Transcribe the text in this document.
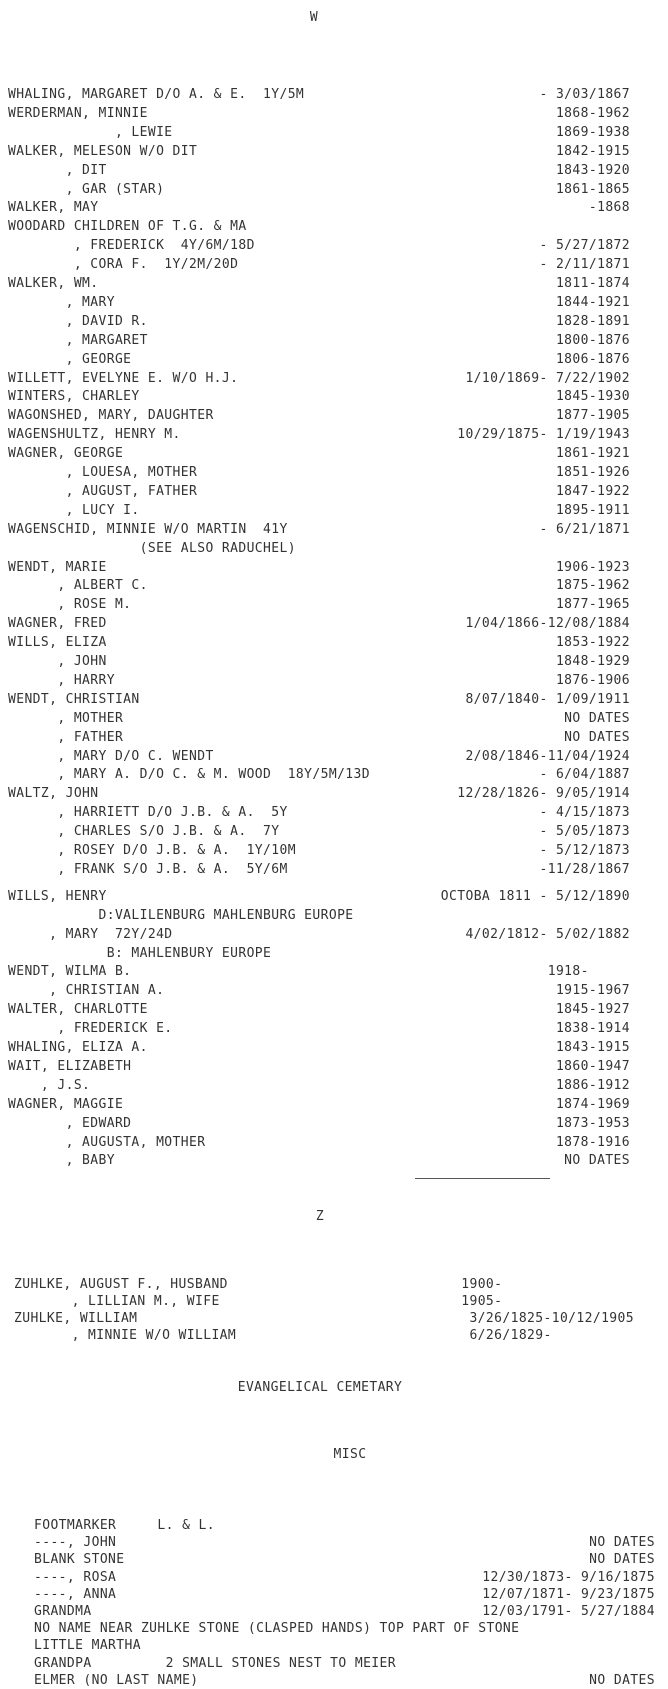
W
WHALING, MARGARET D/O A. & E.  1Y/5M	- 3/03/1867
WERDERMAN, MINNIE	1868-1962
, LEWIE	1869-1938
WALKER, MELESON W/O DIT	1842-1915
, DIT	1843-1920
, GAR (STAR)	1861-1865
WALKER, MAY	-1868
WOODARD CHILDREN OF T.G. & MA
, FREDERICK  4Y/6M/18D	- 5/27/1872
, CORA F.  1Y/2M/20D	- 2/11/1871
WALKER, WM.	1811-1874
, MARY	1844-1921
, DAVID R.	1828-1891
, MARGARET	1800-1876
, GEORGE	1806-1876
WILLETT, EVELYNE E. W/O H.J.	1/10/1869- 7/22/1902
WINTERS, CHARLEY	1845-1930
WAGONSHED, MARY, DAUGHTER	1877-1905
WAGENSHULTZ, HENRY M.	10/29/1875- 1/19/1943
WAGNER, GEORGE	1861-1921
, LOUESA, MOTHER	1851-1926
, AUGUST, FATHER	1847-1922
, LUCY I.	1895-1911
WAGENSCHID, MINNIE W/O MARTIN  41Y	- 6/21/1871
(SEE ALSO RADUCHEL)
WENDT, MARIE	1906-1923
, ALBERT C.	1875-1962
, ROSE M.	1877-1965
WAGNER, FRED	1/04/1866-12/08/1884
WILLS, ELIZA	1853-1922
, JOHN	1848-1929
, HARRY	1876-1906
WENDT, CHRISTIAN	8/07/1840- 1/09/1911
, MOTHER	NO DATES
, FATHER	NO DATES
, MARY D/O C. WENDT	2/08/1846-11/04/1924
, MARY A. D/O C. & M. WOOD  18Y/5M/13D	- 6/04/1887
WALTZ, JOHN	12/28/1826- 9/05/1914
, HARRIETT D/O J.B. & A.  5Y	- 4/15/1873
, CHARLES S/O J.B. & A.  7Y	- 5/05/1873
, ROSEY D/O J.B. & A.  1Y/10M	- 5/12/1873
, FRANK S/O J.B. & A.  5Y/6M	-11/28/1867
WILLS, HENRY	OCTOBA 1811 - 5/12/1890
D:VALILENBURG MAHLENBURG EUROPE
, MARY  72Y/24D	4/02/1812- 5/02/1882
B: MAHLENBURY EUROPE
WENDT, WILMA B.	1918-
, CHRISTIAN A.	1915-1967
WALTER, CHARLOTTE	1845-1927
, FREDERICK E.	1838-1914
WHALING, ELIZA A.	1843-1915
WAIT, ELIZABETH	1860-1947
, J.S.	1886-1912
WAGNER, MAGGIE	1874-1969
, EDWARD	1873-1953
, AUGUSTA, MOTHER	1878-1916
, BABY	NO DATES
Z
ZUHLKE, AUGUST F., HUSBAND	1900-
, LILLIAN M., WIFE	1905-
ZUHLKE, WILLIAM	3/26/1825-10/12/1905
, MINNIE W/O WILLIAM	6/26/1829-
EVANGELICAL CEMETARY
MISC
FOOTMARKER     L. & L.
----, JOHN	NO DATES
BLANK STONE	NO DATES
----, ROSA	12/30/1873- 9/16/1875
----, ANNA	12/07/1871- 9/23/1875
GRANDMA	12/03/1791- 5/27/1884
NO NAME NEAR ZUHLKE STONE (CLASPED HANDS) TOP PART OF STONE
LITTLE MARTHA
GRANDPA         2 SMALL STONES NEST TO MEIER
ELMER (NO LAST NAME)	NO DATES
